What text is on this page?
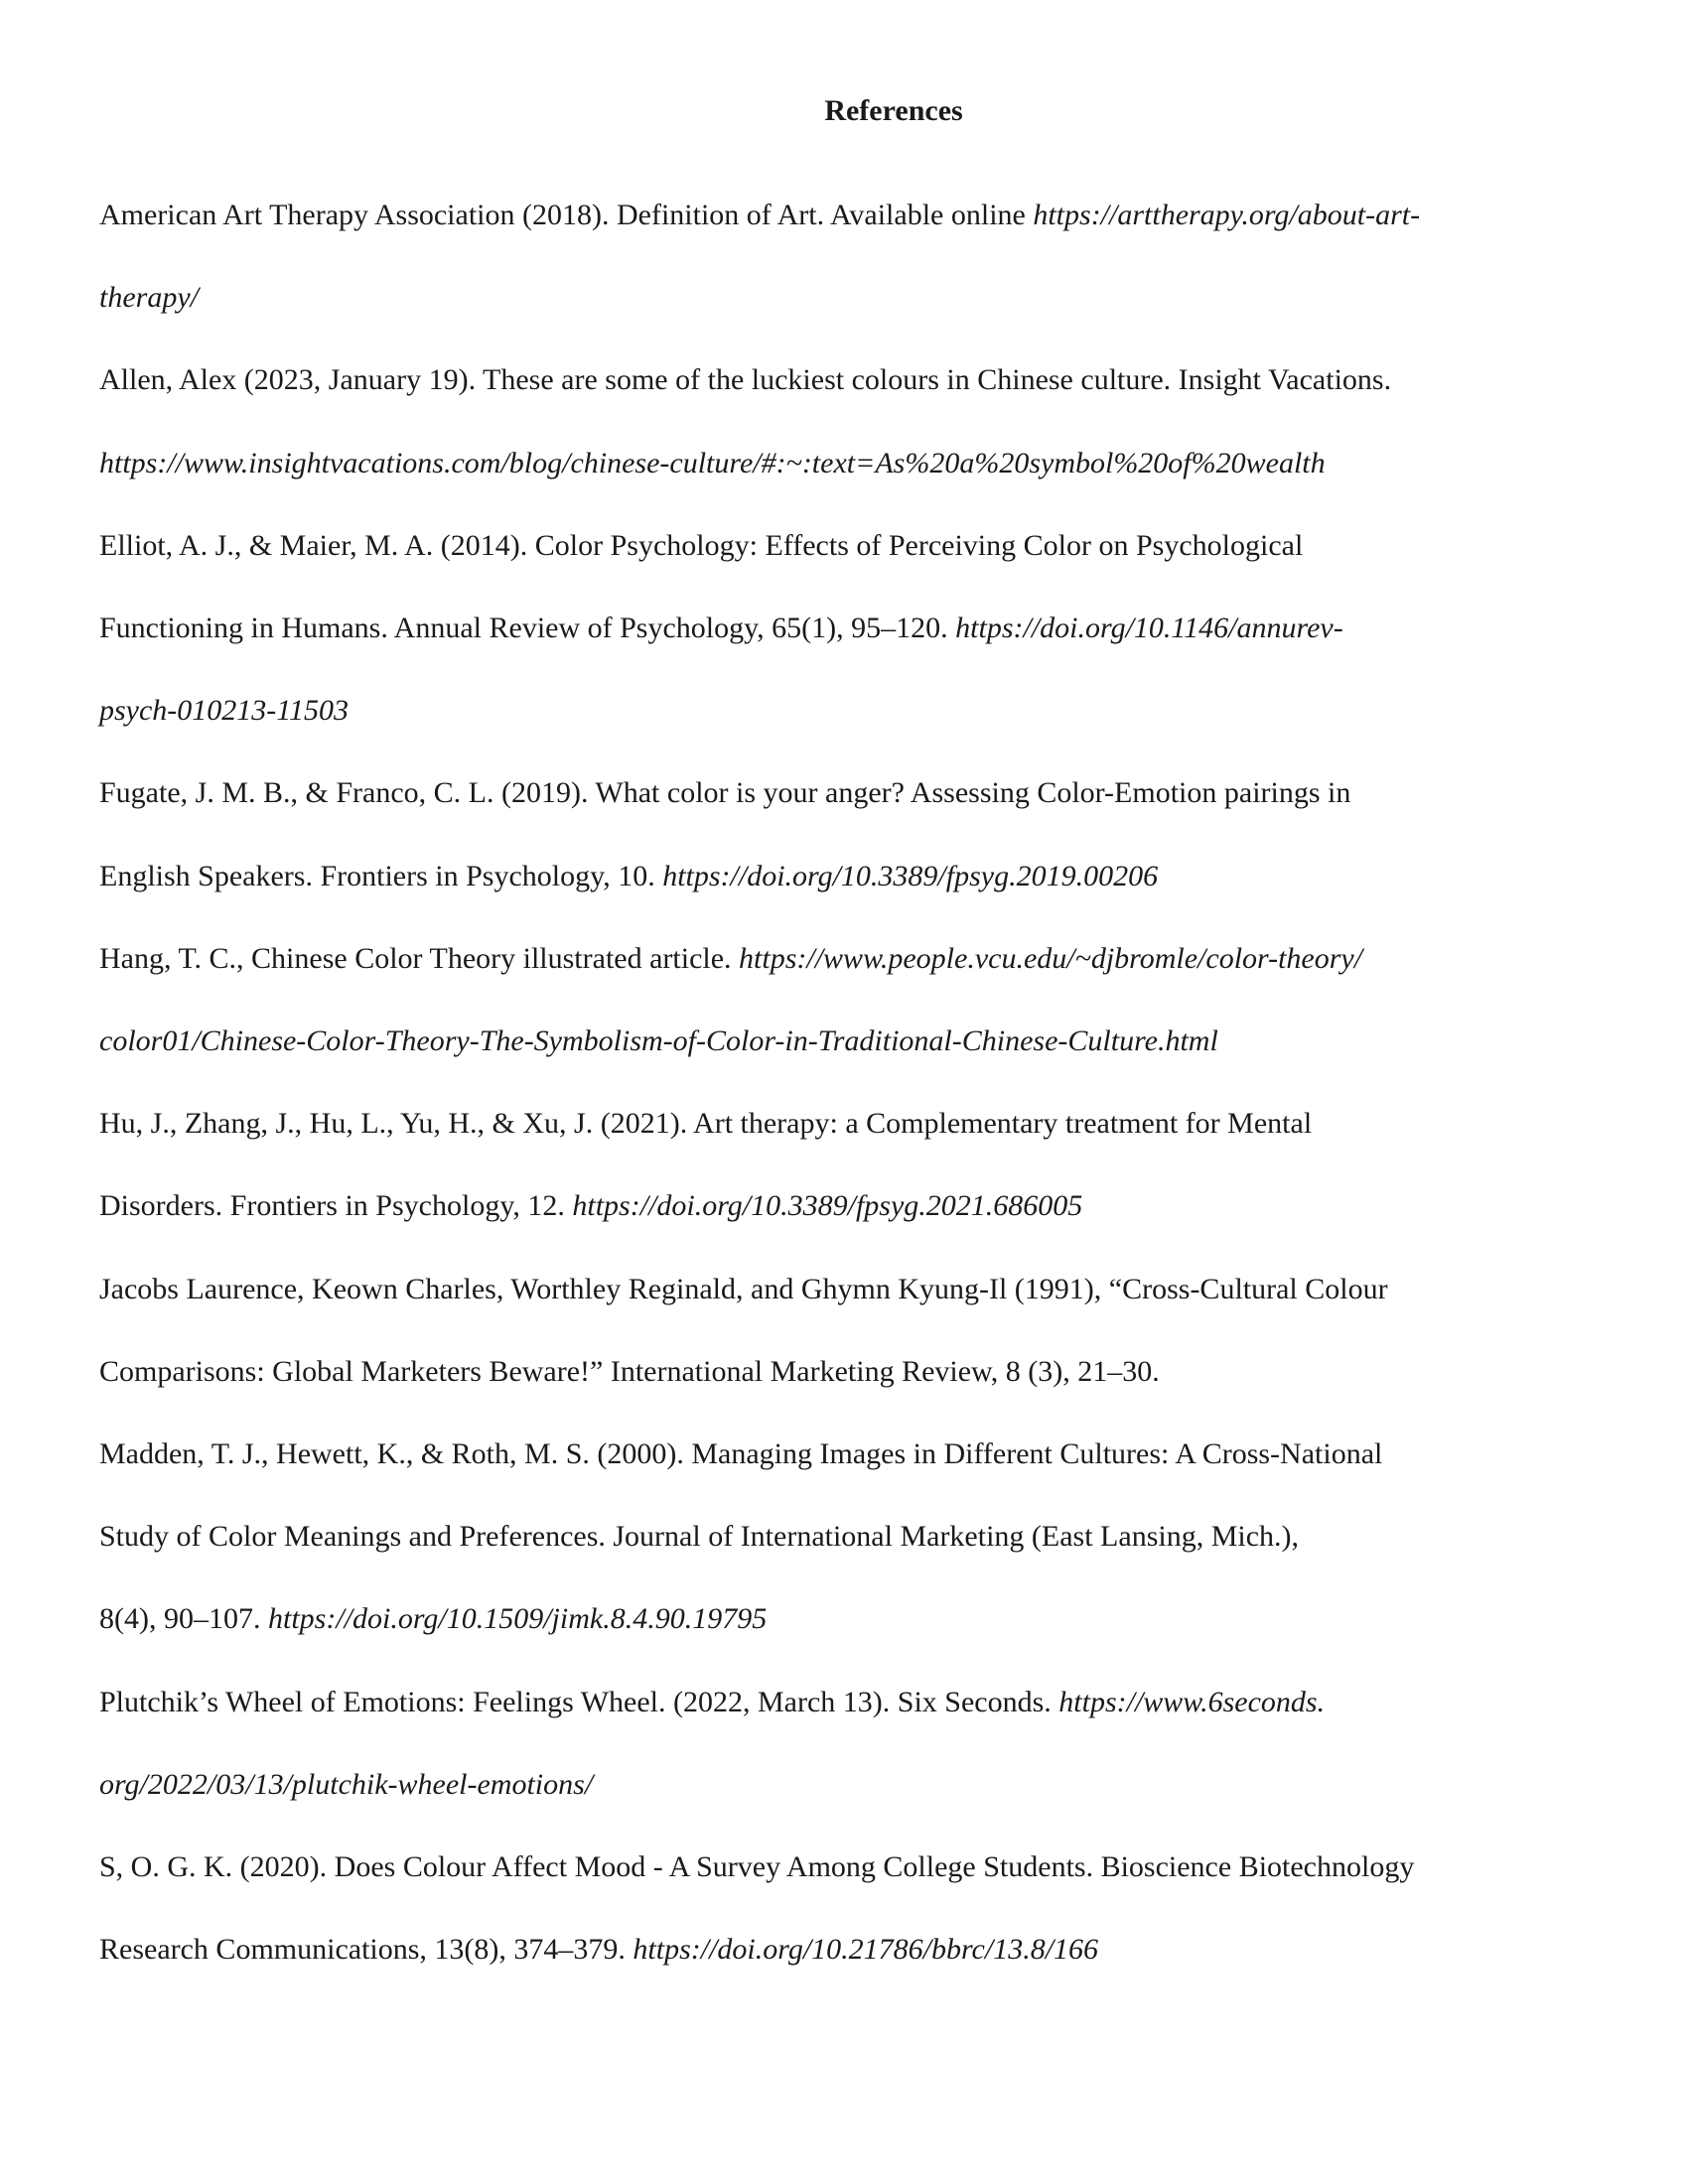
References

American Art Therapy Association (2018). Definition of Art. Available online https://arttherapy.org/about-art-
therapy/

Allen, Alex (2023, January 19). These are some of the luckiest colours in Chinese culture. Insight Vacations.
https://www.insightvacations.com/blog/chinese-culture/#:~:text=As%20a%20symbol%20of%20wealth

Elliot, A. J., & Maier, M. A. (2014). Color Psychology: Effects of Perceiving Color on Psychological
Functioning in Humans. Annual Review of Psychology, 65(1), 95–120. https://doi.org/10.1146/annurev-
psych-010213-11503

Fugate, J. M. B., & Franco, C. L. (2019). What color is your anger? Assessing Color-Emotion pairings in
English Speakers. Frontiers in Psychology, 10. https://doi.org/10.3389/fpsyg.2019.00206

Hang, T. C., Chinese Color Theory illustrated article. https://www.people.vcu.edu/~djbromle/color-theory/
color01/Chinese-Color-Theory-The-Symbolism-of-Color-in-Traditional-Chinese-Culture.html

Hu, J., Zhang, J., Hu, L., Yu, H., & Xu, J. (2021). Art therapy: a Complementary treatment for Mental
Disorders. Frontiers in Psychology, 12. https://doi.org/10.3389/fpsyg.2021.686005

Jacobs Laurence, Keown Charles, Worthley Reginald, and Ghymn Kyung-Il (1991), “Cross-Cultural Colour
Comparisons: Global Marketers Beware!” International Marketing Review, 8 (3), 21–30.

Madden, T. J., Hewett, K., & Roth, M. S. (2000). Managing Images in Different Cultures: A Cross-National
Study of Color Meanings and Preferences. Journal of International Marketing (East Lansing, Mich.),
8(4), 90–107. https://doi.org/10.1509/jimk.8.4.90.19795

Plutchik’s Wheel of Emotions: Feelings Wheel. (2022, March 13). Six Seconds. https://www.6seconds.
org/2022/03/13/plutchik-wheel-emotions/

S, O. G. K. (2020). Does Colour Affect Mood - A Survey Among College Students. Bioscience Biotechnology
Research Communications, 13(8), 374–379. https://doi.org/10.21786/bbrc/13.8/166
